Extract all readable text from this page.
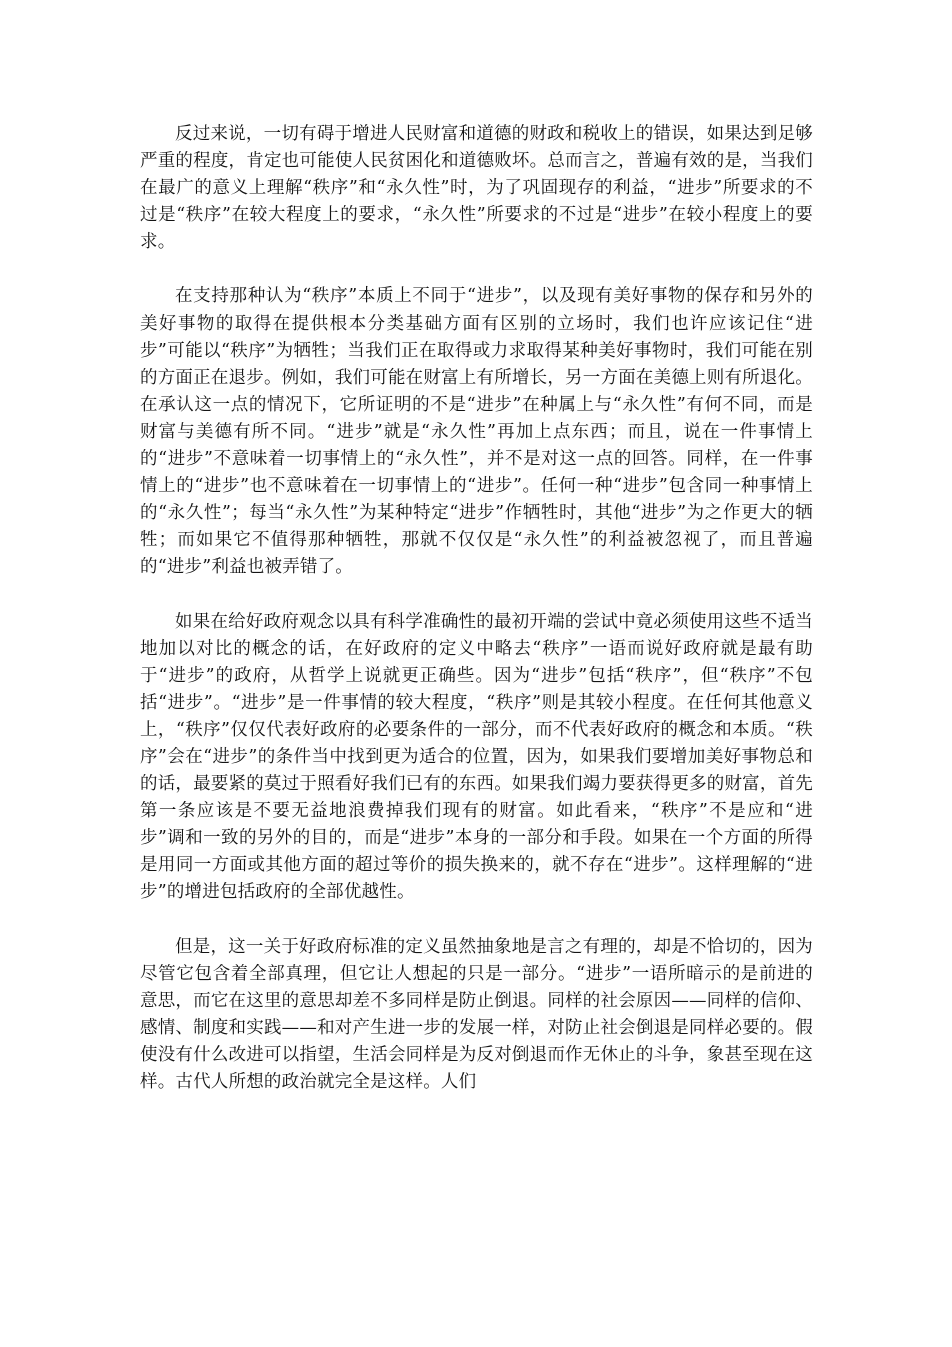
反过来说，一切有碍于增进人民财富和道德的财政和税收上的错误，如果达到足够严重的程度，肯定也可能使人民贫困化和道德败坏。总而言之，普遍有效的是，当我们在最广的意义上理解“秩序”和“永久性”时，为了巩固现存的利益，“进步”所要求的不过是“秩序”在较大程度上的要求，“永久性”所要求的不过是“进步”在较小程度上的要求。

在支持那种认为“秩序”本质上不同于“进步”，以及现有美好事物的保存和另外的美好事物的取得在提供根本分类基础方面有区别的立场时，我们也许应该记住“进步”可能以“秩序”为牺牲；当我们正在取得或力求取得某种美好事物时，我们可能在别的方面正在退步。例如，我们可能在财富上有所增长，另一方面在美德上则有所退化。在承认这一点的情况下，它所证明的不是“进步”在种属上与“永久性”有何不同，而是财富与美德有所不同。“进步”就是“永久性”再加上点东西；而且，说在一件事情上的“进步”不意味着一切事情上的“永久性”，并不是对这一点的回答。同样，在一件事情上的“进步”也不意味着在一切事情上的“进步”。任何一种“进步”包含同一种事情上的“永久性”；每当“永久性”为某种特定“进步”作牺牲时，其他“进步”为之作更大的牺牲；而如果它不值得那种牺牲，那就不仅仅是“永久性”的利益被忽视了，而且普遍的“进步”利益也被弄错了。

如果在给好政府观念以具有科学准确性的最初开端的尝试中竟必须使用这些不适当地加以对比的概念的话，在好政府的定义中略去“秩序”一语而说好政府就是最有助于“进步”的政府，从哲学上说就更正确些。因为“进步”包括“秩序”，但“秩序”不包括“进步”。“进步”是一件事情的较大程度，“秩序”则是其较小程度。在任何其他意义上，“秩序”仅仅代表好政府的必要条件的一部分，而不代表好政府的概念和本质。“秩序”会在“进步”的条件当中找到更为适合的位置，因为，如果我们要增加美好事物总和的话，最要紧的莫过于照看好我们已有的东西。如果我们竭力要获得更多的财富，首先第一条应该是不要无益地浪费掉我们现有的财富。如此看来，“秩序”不是应和“进步”调和一致的另外的目的，而是“进步”本身的一部分和手段。如果在一个方面的所得是用同一方面或其他方面的超过等价的损失换来的，就不存在“进步”。这样理解的“进步”的增进包括政府的全部优越性。

但是，这一关于好政府标准的定义虽然抽象地是言之有理的，却是不恰切的，因为尽管它包含着全部真理，但它让人想起的只是一部分。“进步”一语所暗示的是前进的意思，而它在这里的意思却差不多同样是防止倒退。同样的社会原因——同样的信仰、感情、制度和实践——和对产生进一步的发展一样，对防止社会倒退是同样必要的。假使没有什么改进可以指望，生活会同样是为反对倒退而作无休止的斗争，象甚至现在这样。古代人所想的政治就完全是这样。人们
